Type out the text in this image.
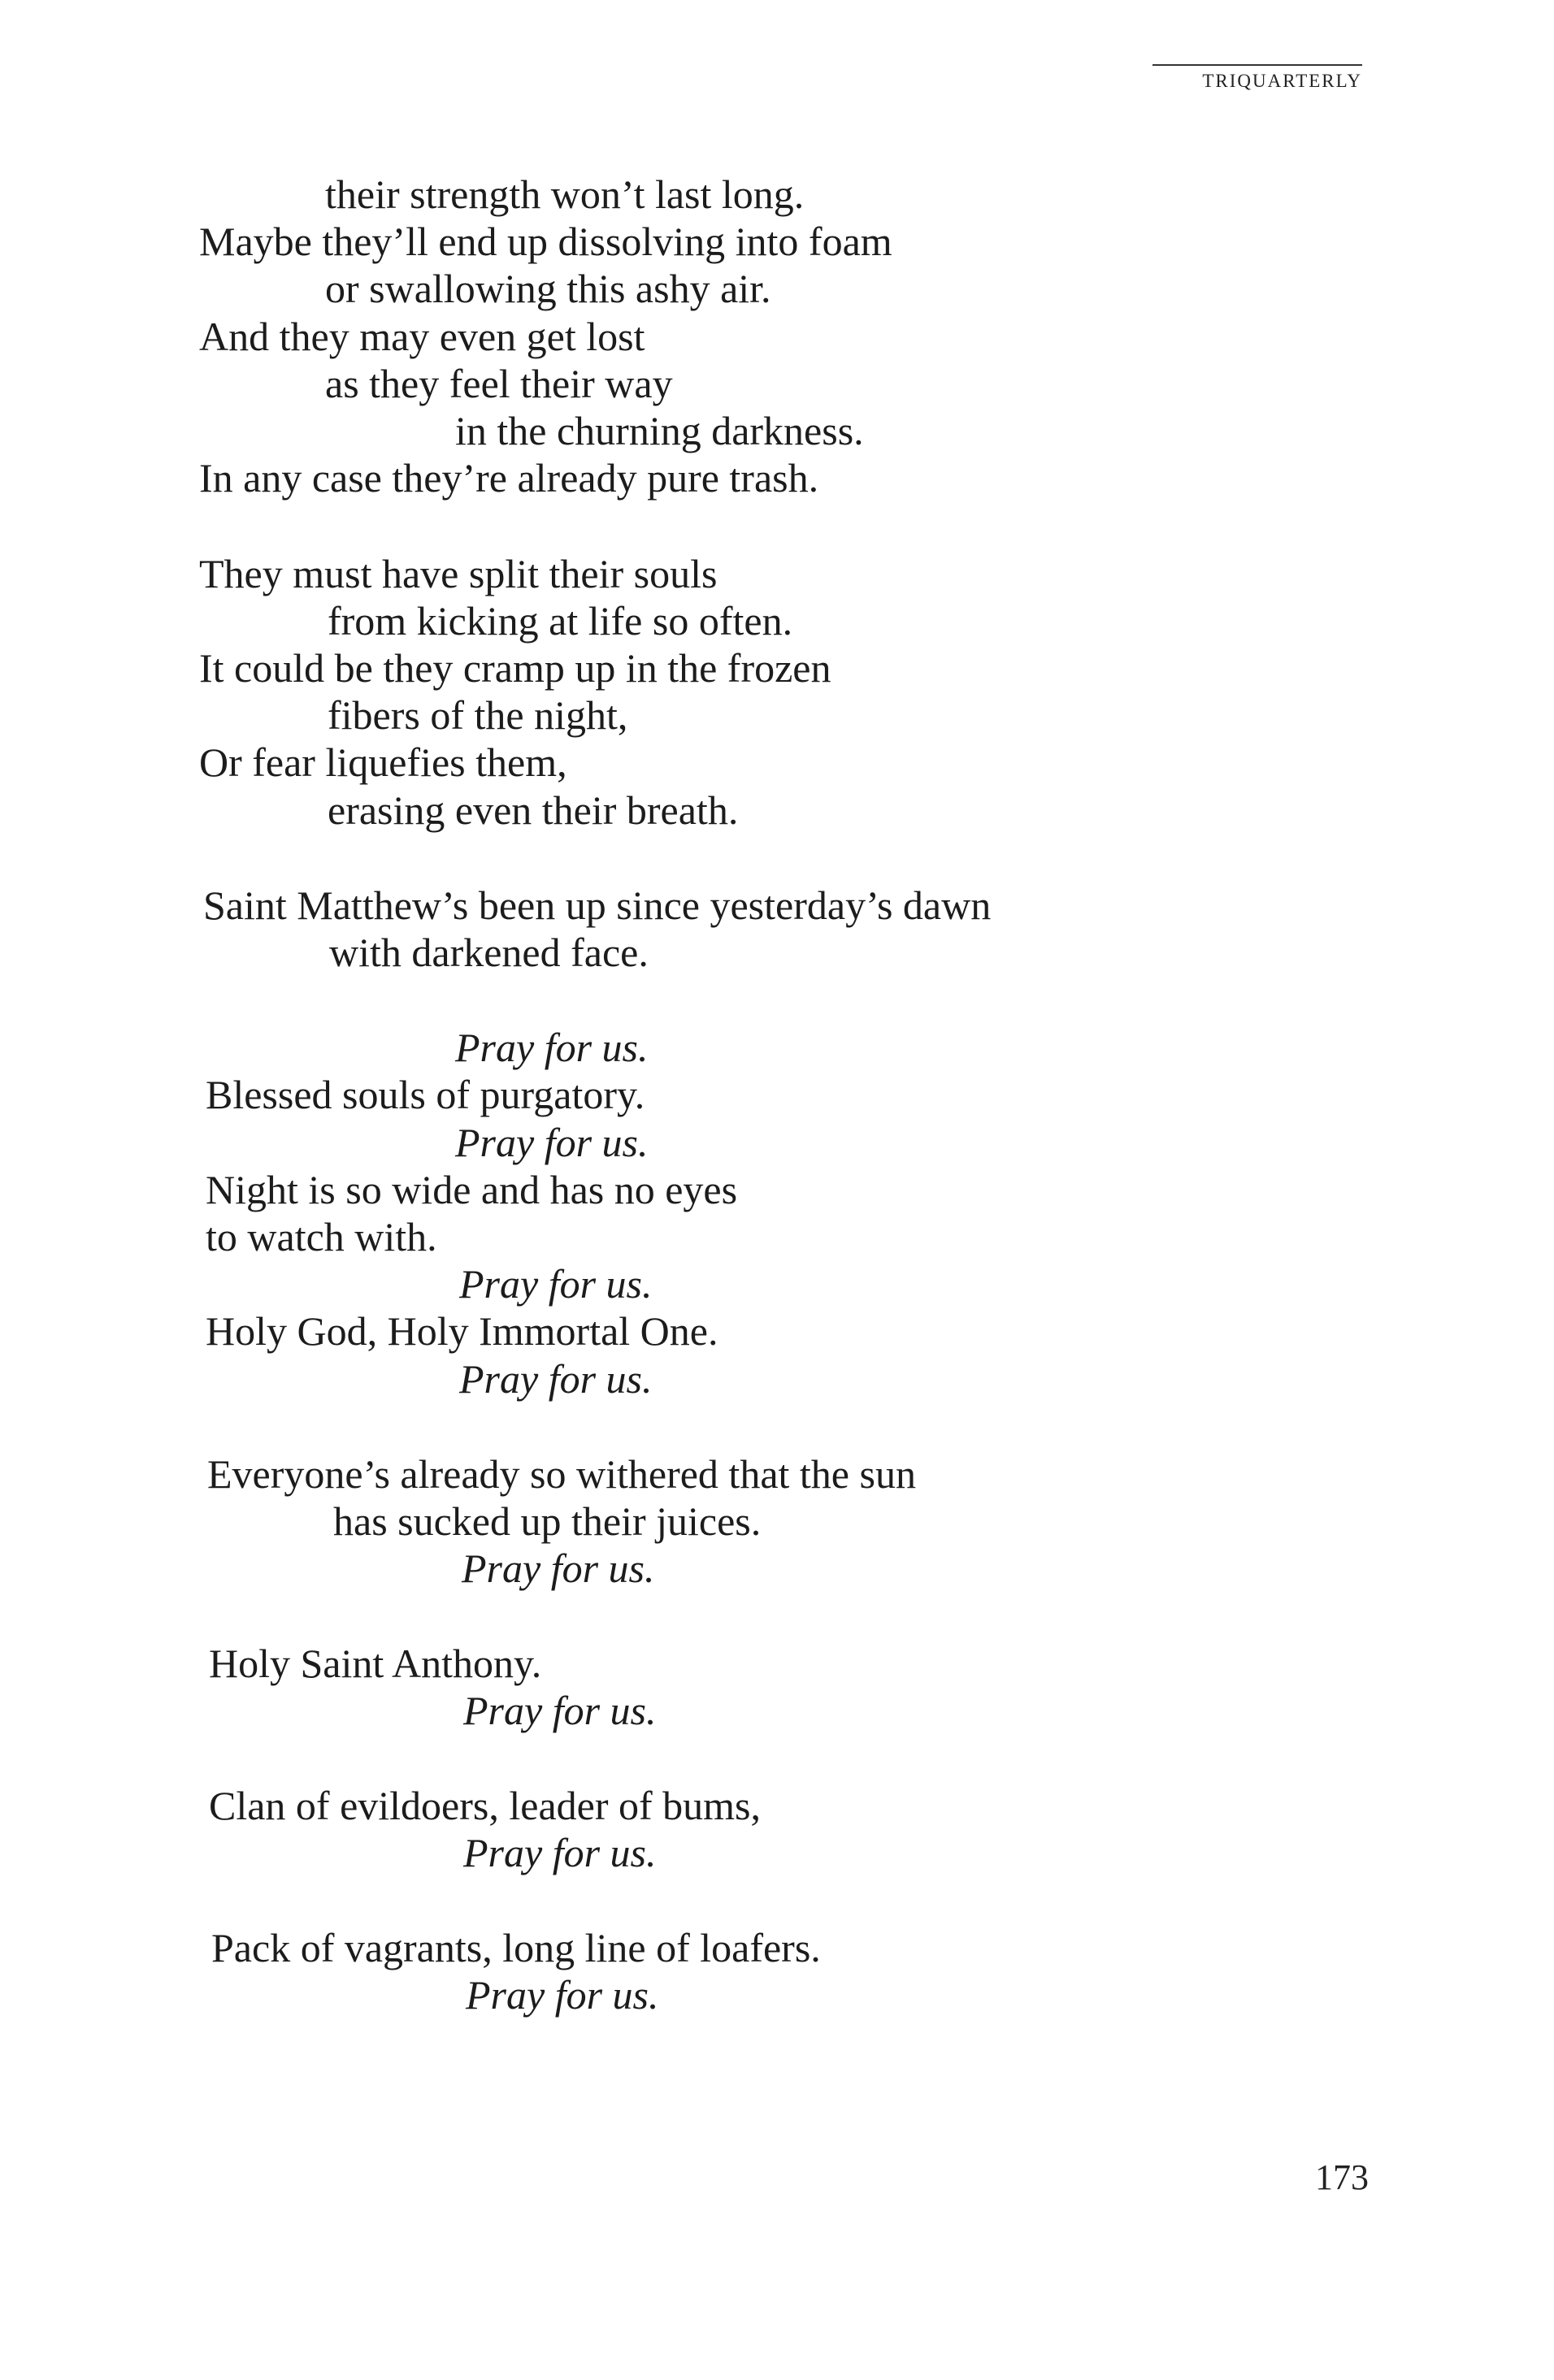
TRIQUARTERLY
their strength won’t last long.
Maybe they’ll end up dissolving into foam
or swallowing this ashy air.
And they may even get lost
as they feel their way
in the churning darkness.
In any case they’re already pure trash.
They must have split their souls
from kicking at life so often.
It could be they cramp up in the frozen
fibers of the night,
Or fear liquefies them,
erasing even their breath.
Saint Matthew’s been up since yesterday’s dawn
with darkened face.
Pray for us.
Blessed souls of purgatory.
Pray for us.
Night is so wide and has no eyes
to watch with.
Pray for us.
Holy God, Holy Immortal One.
Pray for us.
Everyone’s already so withered that the sun
has sucked up their juices.
Pray for us.
Holy Saint Anthony.
Pray for us.
Clan of evildoers, leader of bums,
Pray for us.
Pack of vagrants, long line of loafers.
Pray for us.
173
